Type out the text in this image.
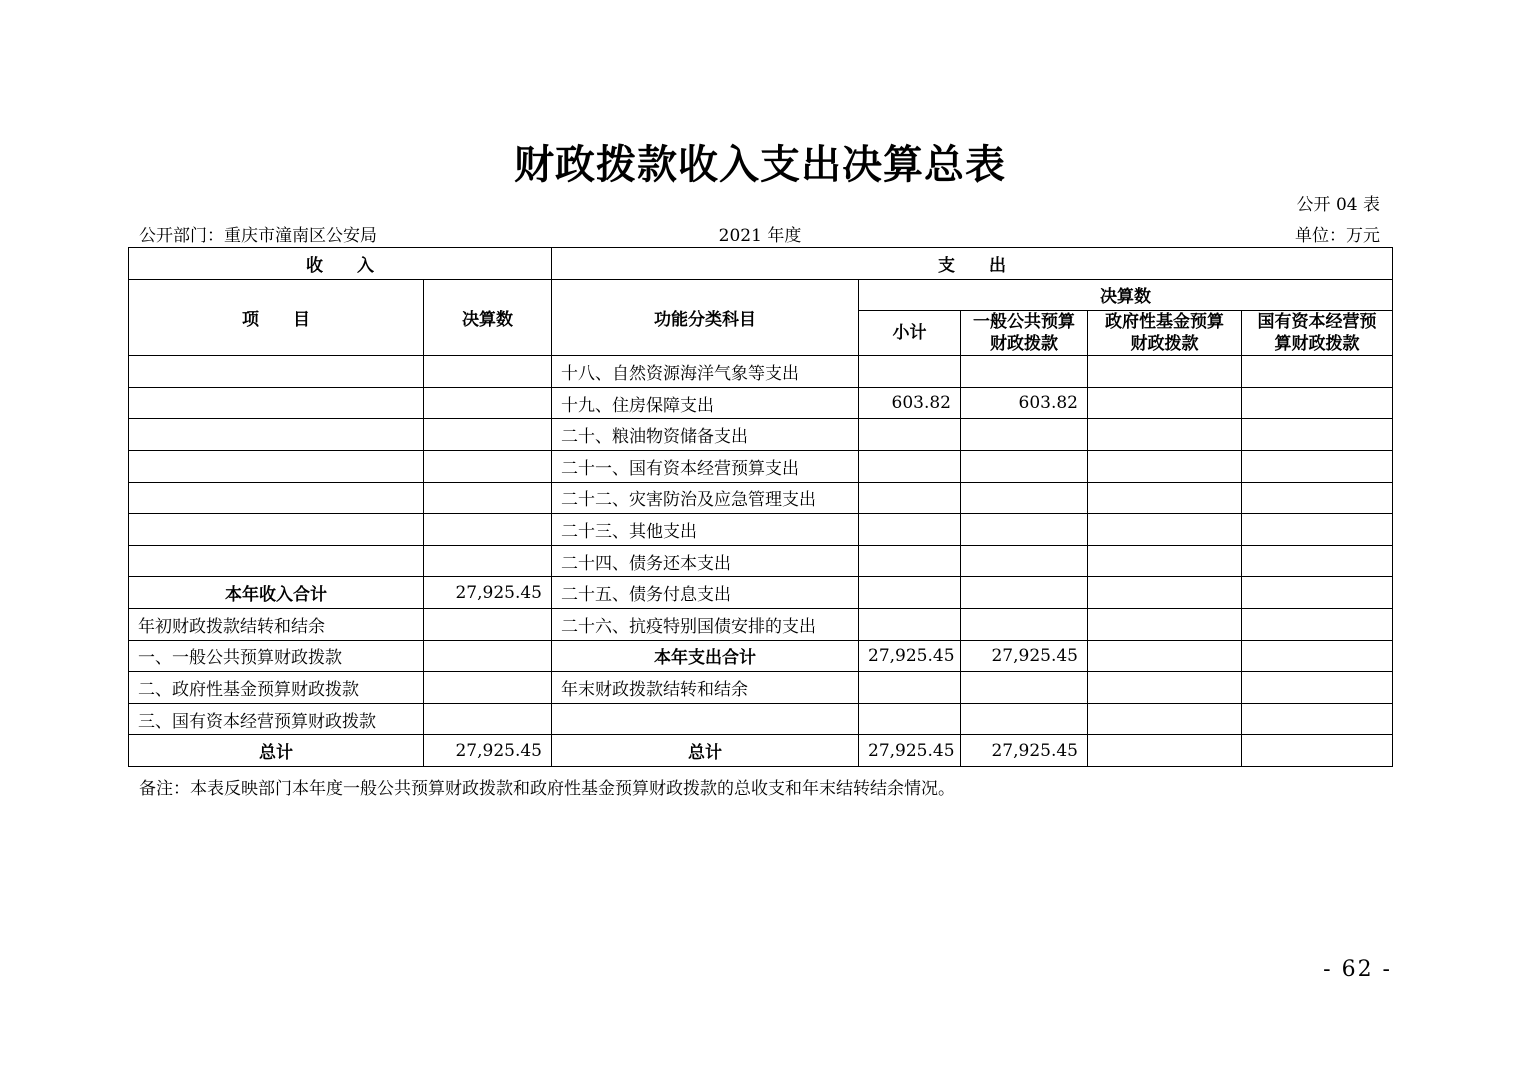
财政拨款收入支出决算总表
公开 04 表
公开部门：重庆市潼南区公安局	2021 年度	单位：万元
收　　入		支　　出				
项　　目	决算数	功能分类科目	决算数			
			小计	一般公共预算财政拨款	政府性基金预算财政拨款	国有资本经营预算财政拨款
		十八、自然资源海洋气象等支出				
		十九、住房保障支出	603.82	603.82		
		二十、粮油物资储备支出				
		二十一、国有资本经营预算支出				
		二十二、灾害防治及应急管理支出				
		二十三、其他支出				
		二十四、债务还本支出				
本年收入合计	27,925.45	二十五、债务付息支出				
年初财政拨款结转和结余		二十六、抗疫特别国债安排的支出				
一、一般公共预算财政拨款		本年支出合计	27,925.45	27,925.45		
二、政府性基金预算财政拨款		年末财政拨款结转和结余				
三、国有资本经营预算财政拨款						
总计	27,925.45	总计	27,925.45	27,925.45		
备注：本表反映部门本年度一般公共预算财政拨款和政府性基金预算财政拨款的总收支和年末结转结余情况。
- 62 -
